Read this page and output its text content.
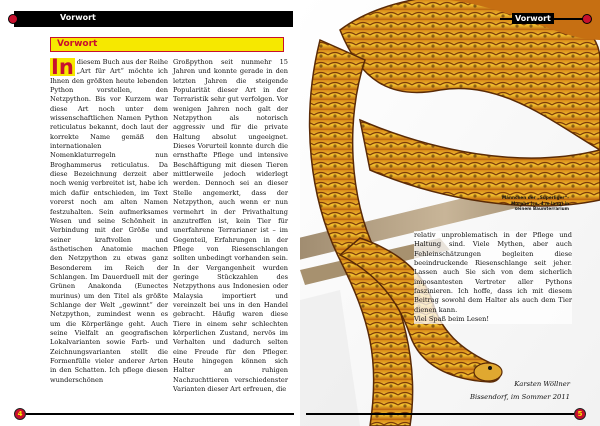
Vorwort	Vorwort
Vorwort
In diesem Buch aus der Reihe „Art für Art“ möchte ich Ihnen den größten heute lebenden Python vorstellen, den Netzpython. Bis vor Kurzem war diese Art noch unter dem wissenschaftlichen Namen Python reticulatus bekannt, doch laut der korrekte Name gemäß den internationalen Nomenklaturregeln nun Broghammerus reticulatus. Da diese Bezeichnung derzeit aber noch wenig verbreitet ist, habe ich mich dafür entschieden, im Text vorerst noch am alten Namen festzuhalten. Sein aufmerksames Wesen und seine Schönheit in Verbindung mit der Größe und seiner kraftvollen und ästhetischen Anatomie machen den Netzpython zu etwas ganz Besonderem im Reich der Schlangen. Im Dauerduell mit der Grünen Anakonda (Eunectes murinus) um den Titel als größte Schlange der Welt „gewinnt“ der Netzpython, zumindest wenn es um die Körperlänge geht. Auch seine Vielfalt an geografischen Lokalvarianten sowie Farb- und Zeichnungsvarianten stellt die Formenfülle vieler anderer Arten in den Schatten. Ich pflege diesen wunderschönen
Großpython seit nunmehr 15 Jahren und konnte gerade in den letzten Jahren die steigende Popularität dieser Art in der Terraristik sehr gut verfolgen. Vor wenigen Jahren noch galt der Netzpython als notorisch aggressiv und für die private Haltung absolut ungeeignet. Dieses Vorurteil konnte durch die ernsthafte Pflege und intensive Beschäftigung mit diesen Tieren mittlerweile jedoch widerlegt werden. Dennoch sei an dieser Stelle angemerkt, dass der Netzpython, auch wenn er nun vermehrt in der Privathaltung anzutreffen ist, kein Tier für unerfahrene Terrarianer ist – im Gegenteil, Erfahrungen in der Pflege von Riesenschlangen sollten unbedingt vorhanden sein. In der Vergangenheit wurden geringe Stückzahlen des Netzpythons aus Indonesien oder Malaysia importiert und vereinzelt bei uns in den Handel gebracht. Häufig waren diese Tiere in einem sehr schlechten körperlichen Zustand, nervös im Verhalten und dadurch selten eine Freude für den Pfleger. Heute hingegen können sich Halter an ruhigen Nachzuchttieren verschiedenster Varianten dieser Art erfreuen, die
Männchen der „Superliger“-Morphe (ca. 4 m lang) in seinem Baumterrarium

relativ unproblematisch in der Pflege und Haltung sind. Viele Mythen, aber auch Fehleinschätzungen begleiten diese beeindruckende Riesenschlange seit jeher. Lassen auch Sie sich von dem sicherlich imposantesten Vertreter aller Pythons faszinieren. Ich hoffe, dass ich mit diesem Beitrag sowohl dem Halter als auch dem Tier dienen kann.

Viel Spaß beim Lesen!

Karsten Wöllner
Bissendorf, im Sommer 2011
4	5
